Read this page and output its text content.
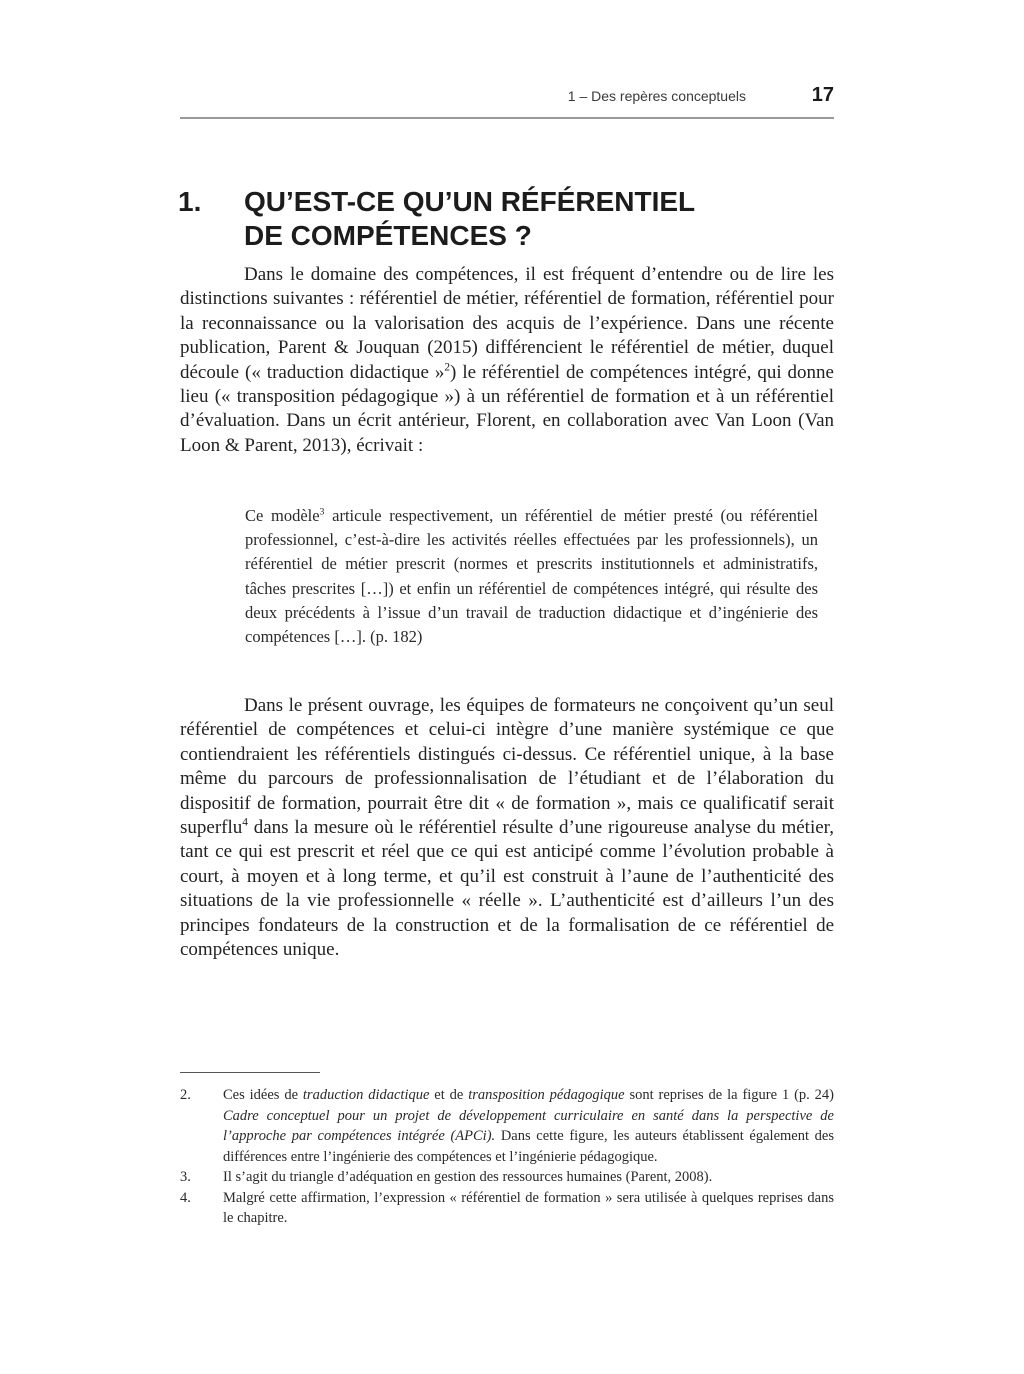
1 – Des repères conceptuels	17
1. QU’EST-CE QU’UN RÉFÉRENTIEL
DE COMPÉTENCES ?

Dans le domaine des compétences, il est fréquent d’entendre ou de lire les distinctions suivantes : référentiel de métier, référentiel de formation, référentiel pour la reconnaissance ou la valorisation des acquis de l’expérience. Dans une récente publication, Parent & Jouquan (2015) différencient le référentiel de métier, duquel découle (« traduction didactique »$^2$) le référentiel de compétences intégré, qui donne lieu (« transposition pédagogique ») à un référentiel de formation et à un référentiel d’évaluation. Dans un écrit antérieur, Florent, en collaboration avec Van Loon (Van Loon & Parent, 2013), écrivait :

Ce modèle$^3$ articule respectivement, un référentiel de métier presté (ou référentiel professionnel, c’est-à-dire les activités réelles effectuées par les professionnels), un référentiel de métier prescrit (normes et prescrits institutionnels et administratifs, tâches prescrites […]) et enfin un référentiel de compétences intégré, qui résulte des deux précédents à l’issue d’un travail de traduction didactique et d’ingénierie des compétences […]. (p. 182)

Dans le présent ouvrage, les équipes de formateurs ne conçoivent qu’un seul référentiel de compétences et celui-ci intègre d’une manière systémique ce que contiendraient les référentiels distingués ci-dessus. Ce référentiel unique, à la base même du parcours de professionnalisation de l’étudiant et de l’élaboration du dispositif de formation, pourrait être dit « de formation », mais ce qualificatif serait superflu$^4$ dans la mesure où le référentiel résulte d’une rigoureuse analyse du métier, tant ce qui est prescrit et réel que ce qui est anticipé comme l’évolution probable à court, à moyen et à long terme, et qu’il est construit à l’aune de l’authenticité des situations de la vie professionnelle « réelle ». L’authenticité est d’ailleurs l’un des principes fondateurs de la construction et de la formalisation de ce référentiel de compétences unique.

2. Ces idées de traduction didactique et de transposition pédagogique sont reprises de la figure 1 (p. 24) Cadre conceptuel pour un projet de développement curriculaire en santé dans la perspective de l’approche par compétences intégrée (APCi). Dans cette figure, les auteurs établissent également des différences entre l’ingénierie des compétences et l’ingénierie pédagogique.

3. Il s’agit du triangle d’adéquation en gestion des ressources humaines (Parent, 2008).

4. Malgré cette affirmation, l’expression « référentiel de formation » sera utilisée à quelques reprises dans le chapitre.
